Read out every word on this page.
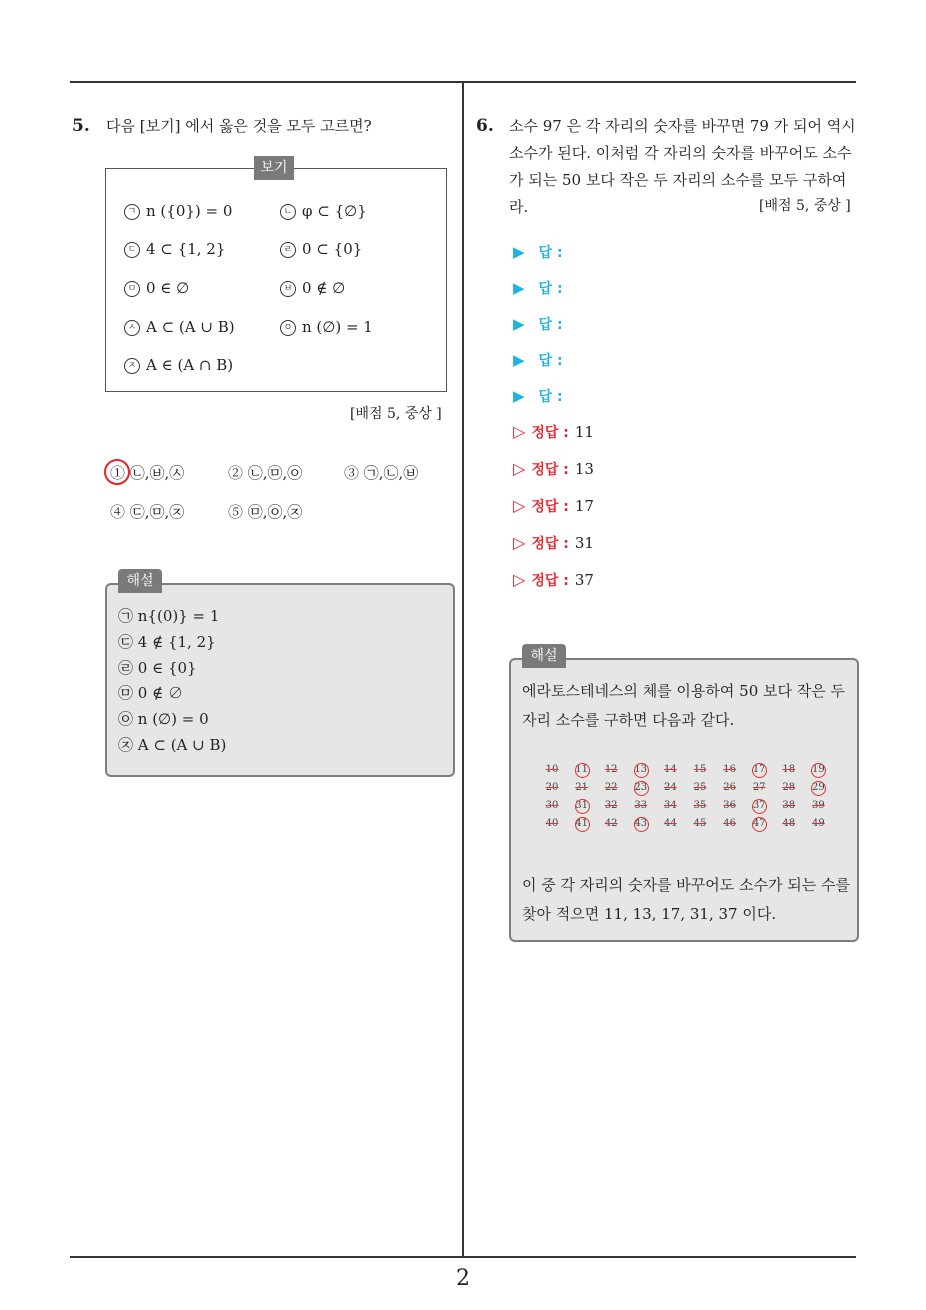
2
5. 다음 [보기] 에서 옳은 것을 모두 고르면?
보기
ㄱ n ({0}) = 0	ㄴ φ ⊂ {∅}
ㄷ 4 ⊂ {1, 2}	ㄹ 0 ⊂ {0}
ㅁ 0 ∈ ∅	ㅂ 0 ∉ ∅
ㅅ A ⊂ (A ∪ B)	ㅇ n (∅) = 1
ㅈ A ∈ (A ∩ B)
[배점 5, 중상 ]
① ㉡,㉥,㉦	② ㉡,㉤,㉧	③ ㉠,㉡,㉥
④ ㉢,㉤,㉨	⑤ ㉤,㉧,㉨
해설
㉠ n{(0)} = 1
㉢ 4 ∉ {1, 2}
㉣ 0 ∈ {0}
㉤ 0 ∉ ∅
㉧ n (∅) = 0
㉨ A ⊂ (A ∪ B)
6. 소수 97 은 각 자리의 숫자를 바꾸면 79 가 되어 역시 소수가 된다. 이처럼 각 자리의 숫자를 바꾸어도 소수가 되는 50 보다 작은 두 자리의 소수를 모두 구하여라.	[배점 5, 중상 ]
▶ 답 :
▶ 답 :
▶ 답 :
▶ 답 :
▶ 답 :
▷ 정답 : 11
▷ 정답 : 13
▷ 정답 : 17
▷ 정답 : 31
▷ 정답 : 37
해설
에라토스테네스의 체를 이용하여 50 보다 작은 두 자리 소수를 구하면 다음과 같다.
10	11	12	13	14	15	16	17	18	19
20	21	22	23	24	25	26	27	28	29
30	31	32	33	34	35	36	37	38	39
40	41	42	43	44	45	46	47	48	49
이 중 각 자리의 숫자를 바꾸어도 소수가 되는 수를 찾아 적으면 11, 13, 17, 31, 37 이다.
